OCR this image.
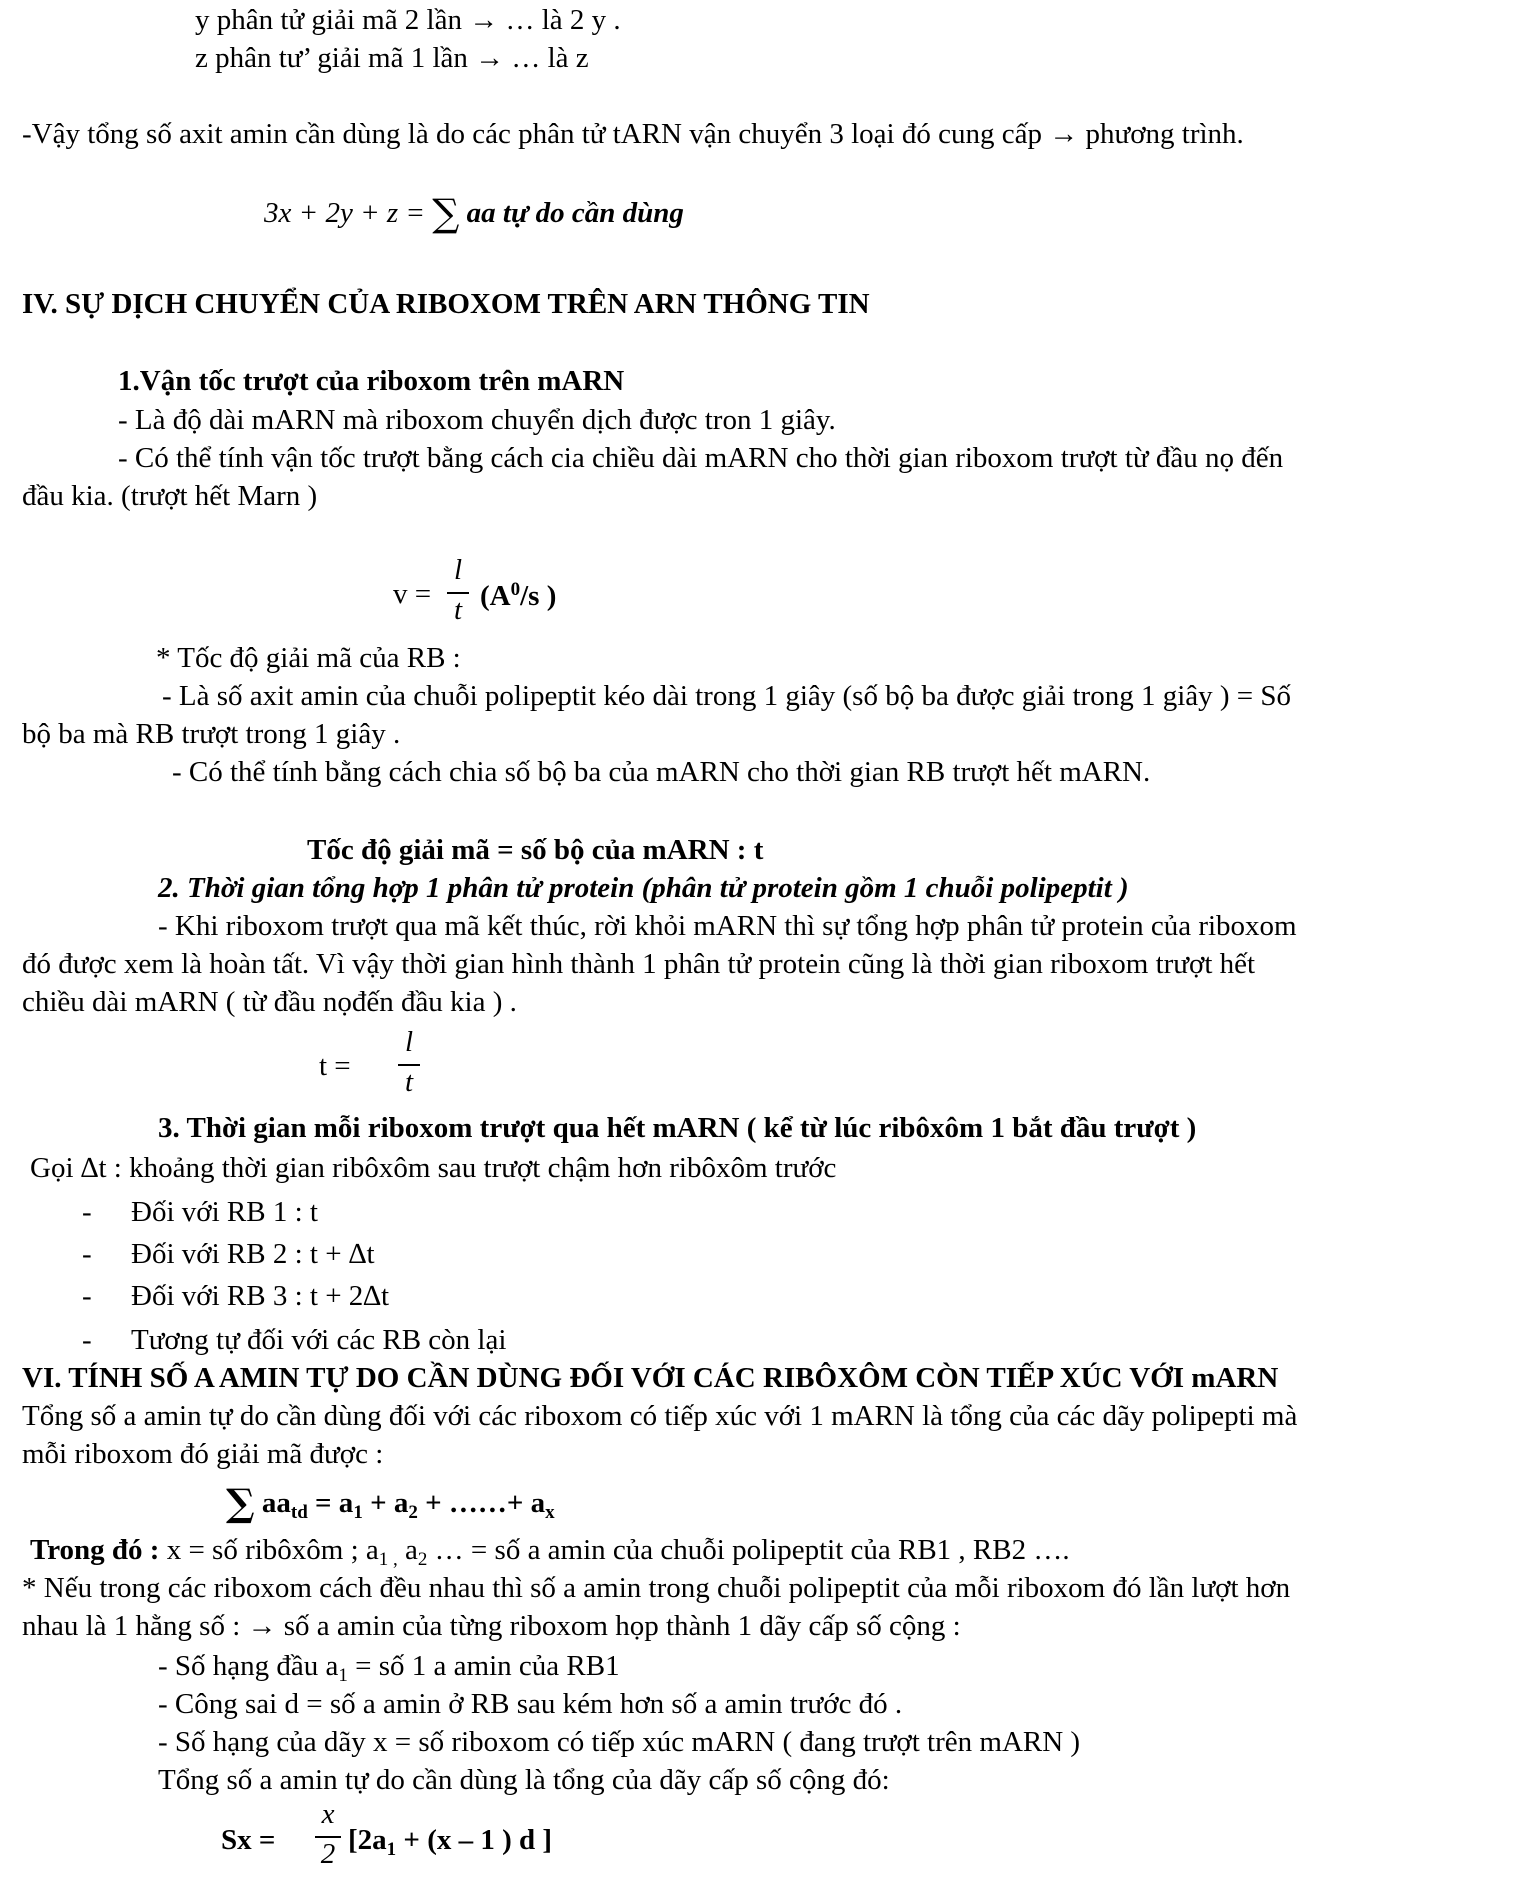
y phân tử giải mã 2 lần → … là 2 y .
z phân tư’ giải mã 1 lần → … là z
-Vậy tổng số axit amin cần dùng là do các phân tử tARN vận chuyển 3 loại đó cung cấp → phương trình.
3x + 2y + z = ∑ aa tự do cần dùng
IV. SỰ DỊCH CHUYỂN CỦA RIBOXOM TRÊN ARN THÔNG TIN
1.Vận tốc trượt của riboxom trên mARN
- Là độ dài mARN mà riboxom chuyển dịch được tron 1 giây.
- Có thể tính vận tốc trượt bằng cách cia chiều dài mARN cho thời gian riboxom trượt từ đầu nọ đến
đầu kia. (trượt hết Marn )
v =
l
t ($A^0/s$ )
* Tốc độ giải mã của RB :
- Là số axit amin của chuỗi polipeptit kéo dài trong 1 giây (số bộ ba được giải trong 1 giây ) = Số
bộ ba mà RB trượt trong 1 giây .
- Có thể tính bằng cách chia số bộ ba của mARN cho thời gian RB trượt hết mARN.
Tốc độ giải mã = số bộ của mARN : t
2. Thời gian tổng hợp 1 phân tử protein (phân tử protein gồm 1 chuỗi polipeptit )
- Khi riboxom trượt qua mã kết thúc, rời khỏi mARN thì sự tổng hợp phân tử protein của riboxom
đó được xem là hoàn tất. Vì vậy thời gian hình thành 1 phân tử protein cũng là thời gian riboxom trượt hết
chiều dài mARN ( từ đầu nọđến đầu kia ) .
t =
l
t
3. Thời gian mỗi riboxom trượt qua hết mARN ( kể từ lúc ribôxôm 1 bắt đầu trượt )
Gọi ∆t : khoảng thời gian ribôxôm sau trượt chậm hơn ribôxôm trước
- Đối với RB 1 : t
- Đối với RB 2 : t + ∆t
- Đối với RB 3 : t + 2∆t
- Tương tự đối với các RB còn lại
VI. TÍNH SỐ A AMIN TỰ DO CẦN DÙNG ĐỐI VỚI CÁC RIBÔXÔM CÒN TIẾP XÚC VỚI mARN
Tổng số a amin tự do cần dùng đối với các riboxom có tiếp xúc với 1 mARN là tổng của các dãy polipepti mà
mỗi riboxom đó giải mã được :
∑ $aa_{td} = a_1 + a_2$ + ……+ $a_x$
Trong đó : x = số ribôxôm ; $a_{1 ,}$ $a_2$ … = số a amin của chuỗi polipeptit của RB1 , RB2 ….
* Nếu trong các riboxom cách đều nhau thì số a amin trong chuỗi polipeptit của mỗi riboxom đó lần lượt hơn
nhau là 1 hằng số : → số a amin của từng riboxom họp thành 1 dãy cấp số cộng :
- Số hạng đầu $a_1$ = số 1 a amin của RB1
- Công sai d = số a amin ở RB sau kém hơn số a amin trước đó .
- Số hạng của dãy x = số riboxom có tiếp xúc mARN ( đang trượt trên mARN )
Tổng số a amin tự do cần dùng là tổng của dãy cấp số cộng đó:
Sx =
x
2 [$2a_1 + (x - 1$ ) d ]
